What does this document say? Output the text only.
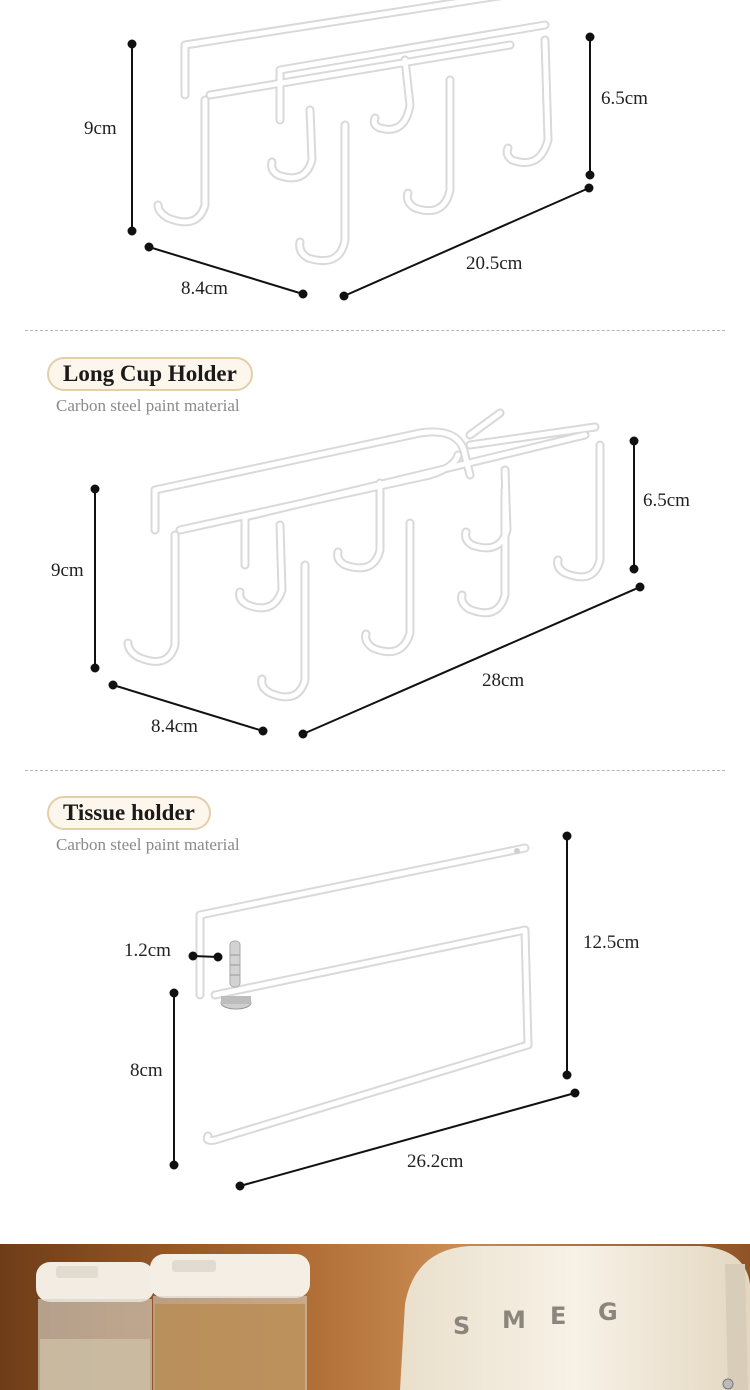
9cm
6.5cm
8.4cm
20.5cm
Long Cup Holder
Carbon steel paint material
9cm
6.5cm
8.4cm
28cm
Tissue holder
Carbon steel paint material
1.2cm	12.5cm
8cm
26.2cm
S M E G
